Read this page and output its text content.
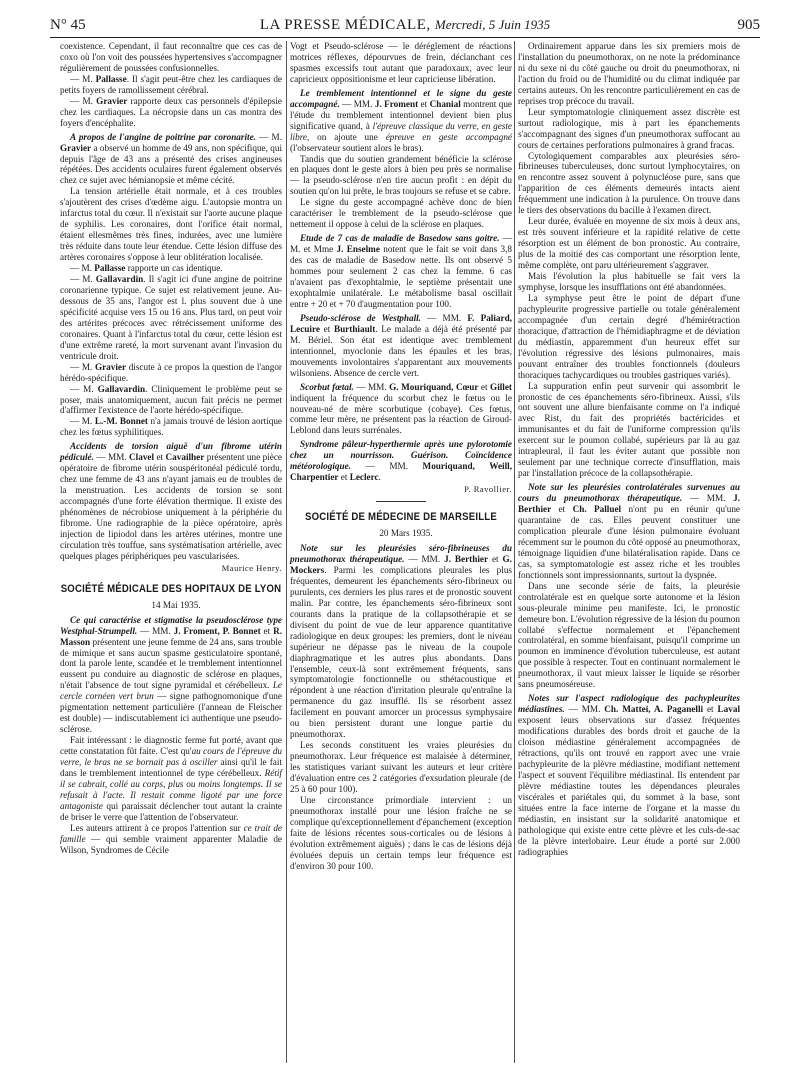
N° 45	LA PRESSE MÉDICALE, Mercredi, 5 Juin 1935	905

coexistence. Cependant, il faut reconnaître que ces cas de coxo où l'on voit des poussées hypertensives s'accompagner régulièrement de poussées confusionnelles.

— M. Pallasse. Il s'agit peut-être chez les cardiaques de petits foyers de ramollissement cérébral.

— M. Gravier rapporte deux cas personnels d'épilepsie chez les cardiaques. La nécropsie dans un cas montra des foyers d'encéphalite.

A propos de l'angine de poitrine par coronarite. — M. Gravier a observé un homme de 49 ans, non spécifique, qui depuis l'âge de 43 ans a présenté des crises angineuses répétées. Des accidents oculaires furent également observés chez ce sujet avec hémianopsie et même cécité.

La tension artérielle était normale, et à ces troubles s'ajoutèrent des crises d'œdème aigu. L'autopsie montra un infarctus total du cœur. Il n'existait sur l'aorte aucune plaque de syphilis. Les coronaires, dont l'orifice était normal, étaient ellesmêmes très fines, indurées, avec une lumière très réduite dans toute leur étendue. Cette lésion diffuse des artères coronaires s'oppose à leur oblitération localisée.

— M. Pallasse rapporte un cas identique.

— M. Gallavardin. Il s'agit ici d'une angine de poitrine coronarienne typique. Ce sujet est relativement jeune. Au-dessous de 35 ans, l'angor est l. plus souvent due à une spécificité acquise vers 15 ou 16 ans. Plus tard, on peut voir des artérites précoces avec rétrécissement uniforme des coronaires. Quant à l'infarctus total du cœur, cette lésion est d'une extrême rareté, la mort survenant avant l'invasion du ventricule droit.

— M. Gravier discute à ce propos la question de l'angor hérédo-spécifique.

— M. Gallavardin. Cliniquement le problème peut se poser, mais anatomiquement, aucun fait précis ne permet d'affirmer l'existence de l'aorte hérédo-spécifique.

— M. L.-M. Bonnet n'a jamais trouvé de lésion aortique chez les fœtus syphilitiques.

Accidents de torsion aiguë d'un fibrome utérin pédiculé. — MM. Clavel et Cavailher présentent une pièce opératoire de fibrome utérin souspéritonéal pédiculé tordu, chez une femme de 43 ans n'ayant jamais eu de troubles de la menstruation. Les accidents de torsion se sont accompagnés d'une forte élévation thermique. Il existe des phénomènes de nécrobiose uniquement à la périphérie du fibrome. Une radiographie de la pièce opératoire, après injection de lipiodol dans les artères utérines, montre une circulation très touffue, sans systématisation artérielle, avec quelques plages périphériques peu vascularisées.

Maurice Henry.

SOCIÉTÉ MÉDICALE DES HOPITAUX DE LYON

14 Mai 1935.

Ce qui caractérise et stigmatise la pseudosclérose type Westphal-Strumpell. — MM. J. Froment, P. Bonnet et R. Masson présentent une jeune femme de 24 ans, sans trouble de mimique et sans aucun spasme gesticulatoire spontané, dont la parole lente, scandée et le tremblement intentionnel eussent pu conduire au diagnostic de sclérose en plaques, n'était l'absence de tout signe pyramidal et cérébelleux. Le cercle cornéen vert brun — signe pathognomonique d'une pigmentation nettement particulière (l'anneau de Fleischer est double) — indiscutablement ici authentique une pseudo-sclérose.

Fait intéressant : le diagnostic ferme fut porté, avant que cette constatation fût faite. C'est qu'au cours de l'épreuve du verre, le bras ne se bornait pas à osciller ainsi qu'il le fait dans le tremblement intentionnel de type cérébelleux. Rétif il se cabrait, collé au corps, plus ou moins longtemps. Il se refusait à l'acte. Il restait comme ligoté par une force antagoniste qui paraissait déclencher tout autant la crainte de briser le verre que l'attention de l'observateur.

Les auteurs attirent à ce propos l'attention sur ce trait de famille — qui semble vraiment apparenter Maladie de Wilson, Syndromes de Cécile

Vogt et Pseudo-sclérose — le déréglement de réactions motrices réflexes, dépourvues de frein, déclanchant ces spasmes excessifs tout autant que paradoxaux, avec leur capricieux oppositionisme et leur capricieuse libération.

Le tremblement intentionnel et le signe du geste accompagné. — MM. J. Froment et Chanial montrent que l'étude du tremblement intentionnel devient bien plus significative quand, à l'épreuve classique du verre, en geste libre, on ajoute une épreuve en geste accompagné (l'observateur soutient alors le bras).

Tandis que du soutien grandement bénéficie la sclérose en plaques dont le geste alors à bien peu près se normalise — la pseudo-sclérose n'en tire aucun profit : en dépit du soutien qu'on lui prête, le bras toujours se refuse et se cabre.

Le signe du geste accompagné achève donc de bien caractériser le tremblement de la pseudo-sclérose que nettement il oppose à celui de la sclérose en plaques.

Etude de 7 cas de maladie de Basedow sans goitre. — M. et Mme J. Enselme notent que le fait se voit dans 3,8 des cas de maladie de Basedow nette. Ils ont observé 5 hommes pour seulement 2 cas chez la femme. 6 cas n'avaient pas d'exophtalmie, le septième présentait une exophtalmie unilatérale. Le métabolisme basal oscillait entre + 20 et + 70 d'augmentation pour 100.

Pseudo-sclérose de Westphall. — MM. F. Paliard, Lecuire et Burthiault. Le malade a déjà été présenté par M. Bériel. Son état est identique avec tremblement intentionnel, myoclonie dans les épaules et les bras, mouvements involontaires s'apparentant aux mouvements wilsoniens. Absence de cercle vert.

Scorbut fœtal. — MM. G. Mouriquand, Cœur et Gillet indiquent la fréquence du scorbut chez le fœtus ou le nouveau-né de mère scorbutique (cobaye). Ces fœtus, comme leur mère, ne présentent pas la réaction de Giroud-Leblond dans leurs surrénales.

Syndrome pâleur-hyperthermie après une pylorotomie chez un nourrisson. Guérison. Coïncidence météorologique. — MM. Mouriquand, Weill, Charpentier et Leclerc.

P. Ravollier.

SOCIÉTÉ DE MÉDECINE DE MARSEILLE

20 Mars 1935.

Note sur les pleurésies séro-fibrineuses du pneumothorax thérapeutique. — MM. J. Berthier et G. Mockers. Parmi les complications pleurales les plus fréquentes, demeurent les épanchements séro-fibrineux ou purulents, ces derniers les plus rares et de pronostic souvent malin. Par contre, les épanchements séro-fibrineux sont courants dans la pratique de la collapsothérapie et se divisent du point de vue de leur apparence quantitative radiologique en deux groupes: les premiers, dont le niveau supérieur ne dépasse pas le niveau de la coupole diaphragmatique et les autres plus abondants. Dans l'ensemble, ceux-là sont extrêmement fréquents, sans symptomatologie fonctionnelle ou sthétacoustique et répondent à une réaction d'irritation pleurale qu'entraîne la permanence du gaz insufflé. Ils se résorbent assez facilement en pouvant amorcer un processus symphysaire ou bien persistent durant une longue partie du pneumothorax.

Les seconds constituent les vraies pleurésies du pneumothorax. Leur fréquence est malaisée à déterminer, les statistiques variant suivant les auteurs et leur critère d'évaluation entre ces 2 catégories d'exsudation pleurale (de 25 à 60 pour 100).

Une circonstance primordiale intervient : un pneumothorax installé pour une lésion fraîche ne se complique qu'exceptionnellement d'épanchement (exception faite de lésions récentes sous-corticales ou de lésions à évolution extrêmement aiguës) ; dans le cas de lésions déjà évoluées depuis un certain temps leur fréquence est d'environ 30 pour 100.

Ordinairement apparue dans les six premiers mois de l'installation du pneumothorax, on ne note la prédominance ni du sexe ni du côté gauche ou droit du pneumothorax, ni l'action du froid ou de l'humidité ou du climat indiquée par certains auteurs. On les rencontre particulièrement en cas de reprises trop précoce du travail.

Leur symptomatologie cliniquement assez discrète est surtout radiologique, mis à part les épanchements s'accompagnant des signes d'un pneumothorax suffocant au cours de certaines perforations pulmonaires à grand fracas.

Cytologiquement comparables aux pleurésies séro-fibrineuses tuberculeuses, donc surtout lymphocytaires, on en rencontre assez souvent à polynucléose pure, sans que l'apparition de ces éléments demeurés intacts aient fréquemment une indication à la purulence. On trouve dans le tiers des observations du bacille à l'examen direct.

Leur durée, évaluée en moyenne de six mois à deux ans, est très souvent inférieure et la rapidité relative de cette résorption est un élément de bon pronostic. Au contraire, plus de la moitié des cas comportant une résorption lente, même complète, ont paru ultérieurement s'aggraver.

Mais l'évolution la plus habituelle se fait vers la symphyse, lorsque les insufflations ont été abandonnées.

La symphyse peut être le point de départ d'une pachypleurite progressive partielle ou totale généralement accompagnée d'un certain degré d'hémirétraction thoracique, d'attraction de l'hémidiaphragme et de déviation du médiastin, apparemment d'un heureux effet sur l'évolution régressive des lésions pulmonaires, mais pouvant entraîner des troubles fonctionnels (douleurs thoraciques tachycardiques ou troubles gastriques variés).

La suppuration enfin peut survenir qui assombrit le pronostic de ces épanchements séro-fibrineux. Aussi, s'ils ont souvent une allure bienfaisante comme on l'a indiqué avec Rist, du fait des propriétés bactéricides et immunisantes et du fait de l'uniforme compression qu'ils exercent sur le poumon collabé, supérieurs par là au gaz intrapleural, il faut les éviter autant que possible non seulement par une technique correcte d'insufflation, mais par l'installation précoce de la collapsothérapie.

Note sur les pleurésies controlatérales survenues au cours du pneumothorax thérapeutique. — MM. J. Berthier et Ch. Palluel n'ont pu en réunir qu'une quarantaine de cas. Elles peuvent constituer une complication pleurale d'une lésion pulmonaire évoluant récemment sur le poumon du côté opposé au pneumothorax, témoignage liquidien d'une bilatéralisation rapide. Dans ce cas, sa symptomatologie est assez riche et les troubles fonctionnels sont impressionnants, surtout la dyspnée.

Dans une seconde série de faits, la pleurésie controlatérale est en quelque sorte autonome et la lésion sous-pleurale minime peu manifeste. Ici, le pronostic demeure bon. L'évolution régressive de la lésion du poumon collabé s'effectue normalement et l'épanchement controlatéral, en somme bienfaisant, puisqu'il comprime un poumon en imminence d'évolution tuberculeuse, est autant que possible à respecter. Tout en continuant normalement le pneumothorax, il vaut mieux laisser le liquide se résorber sans pneumoséreuse.

Notes sur l'aspect radiologique des pachypleurites médiastines. — MM. Ch. Mattei, A. Paganelli et Laval exposent leurs observations sur d'assez fréquentes modifications durables des bords droit et gauche de la cloison médiastine généralement accompagnées de rétractions, qu'ils ont trouvé en rapport avec une vraie pachypleurite de la plèvre médiastine, modifiant nettement l'aspect et souvent l'équilibre médiastinal. Ils entendent par plèvre médiastine toutes les dépendances pleurales viscérales et pariétales qui, du sommet à la base, sont situées entre la face interne de l'organe et la masse du médiastin, en insistant sur la solidarité anatomique et pathologique qui existe entre cette plèvre et les culs-de-sac de la plèvre interlobaire. Leur étude a porté sur 2.000 radiographies
